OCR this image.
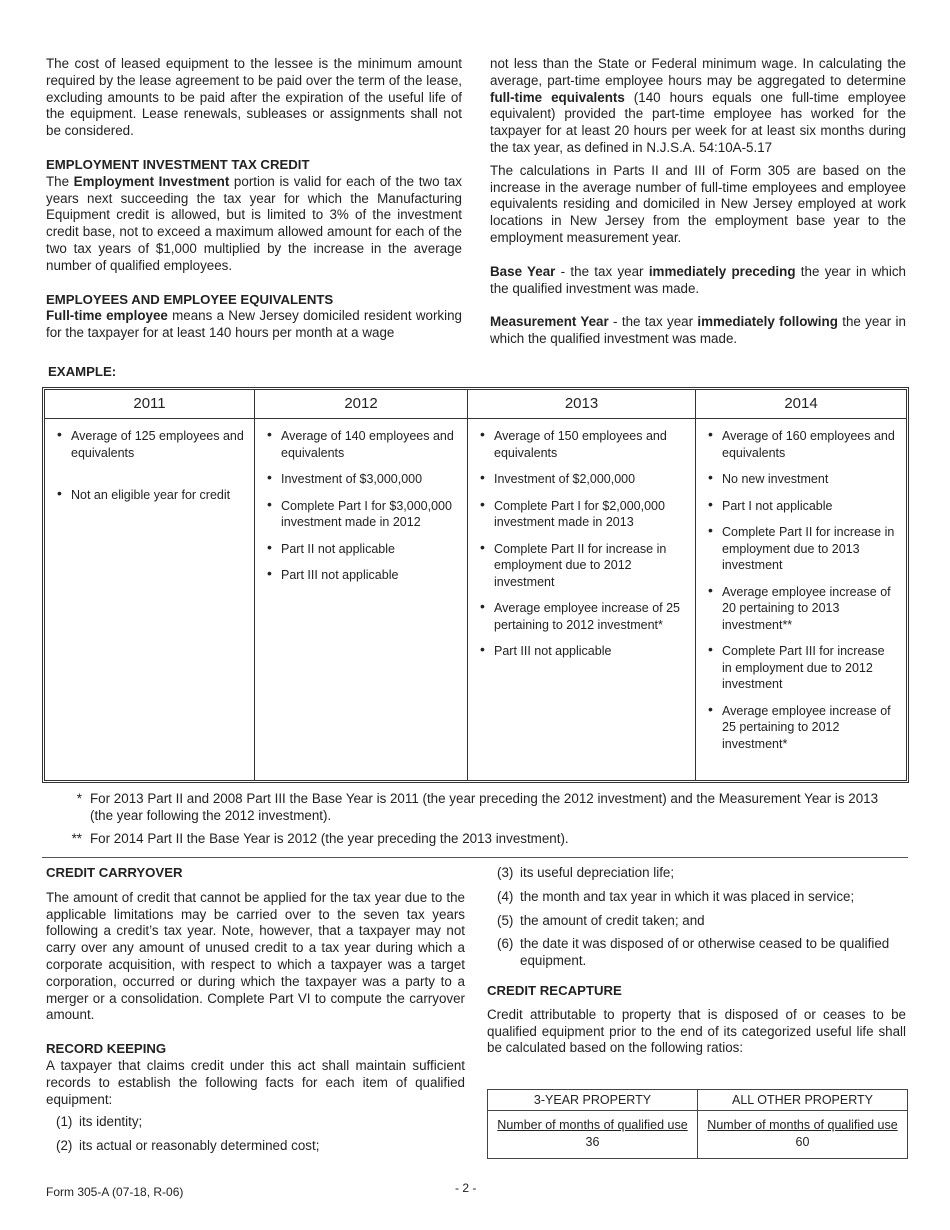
The cost of leased equipment to the lessee is the minimum amount required by the lease agreement to be paid over the term of the lease, excluding amounts to be paid after the expiration of the useful life of the equipment. Lease renewals, subleases or assignments shall not be considered.

EMPLOYMENT INVESTMENT TAX CREDIT

The Employment Investment portion is valid for each of the two tax years next succeeding the tax year for which the Manufacturing Equipment credit is allowed, but is limited to 3% of the investment credit base, not to exceed a maximum allowed amount for each of the two tax years of $1,000 multiplied by the increase in the average number of qualified employees.

EMPLOYEES AND EMPLOYEE EQUIVALENTS

Full-time employee means a New Jersey domiciled resident working for the taxpayer for at least 140 hours per month at a wage

not less than the State or Federal minimum wage. In calculating the average, part-time employee hours may be aggregated to determine full-time equivalents (140 hours equals one full-time employee equivalent) provided the part-time employee has worked for the taxpayer for at least 20 hours per week for at least six months during the tax year, as defined in N.J.S.A. 54:10A-5.17

The calculations in Parts II and III of Form 305 are based on the increase in the average number of full-time employees and employee equivalents residing and domiciled in New Jersey employed at work locations in New Jersey from the employment base year to the employment measurement year.

Base Year - the tax year immediately preceding the year in which the qualified investment was made.

Measurement Year - the tax year immediately following the year in which the qualified investment was made.

EXAMPLE:
2011
• Average of 125 employees and equivalents
• Not an eligible year for credit
2012
• Average of 140 employees and equivalents
• Investment of $3,000,000
• Complete Part I for $3,000,000 investment made in 2012
• Part II not applicable
• Part III not applicable
2013
• Average of 150 employees and equivalents
• Investment of $2,000,000
• Complete Part I for $2,000,000 investment made in 2013
• Complete Part II for increase in employment due to 2012 investment
• Average employee increase of 25 pertaining to 2012 investment*
• Part III not applicable
2014
• Average of 160 employees and equivalents
• No new investment
• Part I not applicable
• Complete Part II for increase in employment due to 2013 investment
• Average employee increase of 20 pertaining to 2013 investment**
• Complete Part III for increase in employment due to 2012 investment
• Average employee increase of 25 pertaining to 2012 investment*
* For 2013 Part II and 2008 Part III the Base Year is 2011 (the year preceding the 2012 investment) and the Measurement Year is 2013 (the year following the 2012 investment).
** For 2014 Part II the Base Year is 2012 (the year preceding the 2013 investment).

CREDIT CARRYOVER

The amount of credit that cannot be applied for the tax year due to the applicable limitations may be carried over to the seven tax years following a credit’s tax year. Note, however, that a taxpayer may not carry over any amount of unused credit to a tax year during which a corporate acquisition, with respect to which a taxpayer was a target corporation, occurred or during which the taxpayer was a party to a merger or a consolidation. Complete Part VI to compute the carryover amount.

RECORD KEEPING

A taxpayer that claims credit under this act shall maintain sufficient records to establish the following facts for each item of qualified equipment:

(1) its identity;
(2) its actual or reasonably determined cost;
(3) its useful depreciation life;
(4) the month and tax year in which it was placed in service;
(5) the amount of credit taken; and
(6) the date it was disposed of or otherwise ceased to be qualified equipment.

CREDIT RECAPTURE

Credit attributable to property that is disposed of or ceases to be qualified equipment prior to the end of its categorized useful life shall be calculated based on the following ratios:

3-YEAR PROPERTY
Number of months of qualified use
36
ALL OTHER PROPERTY
Number of months of qualified use
60
Form 305-A (07-18, R-06)	- 2 -
